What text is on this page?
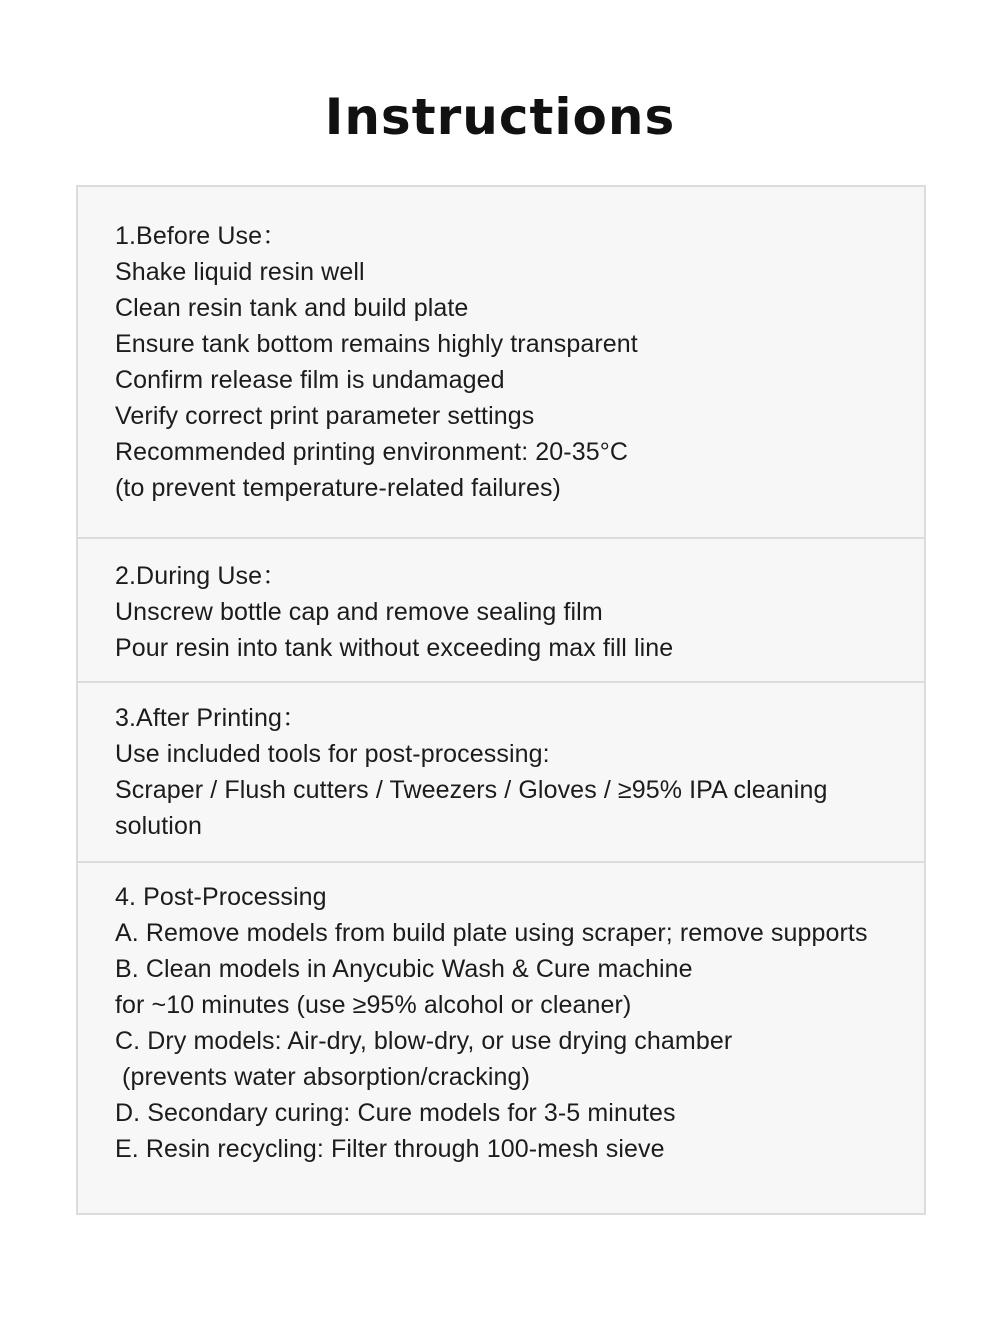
Instructions
1.Before Use：
Shake liquid resin well
Clean resin tank and build plate
Ensure tank bottom remains highly transparent
Confirm release film is undamaged
Verify correct print parameter settings
Recommended printing environment: 20-35°C
(to prevent temperature-related failures)
2.During Use：
Unscrew bottle cap and remove sealing film
Pour resin into tank without exceeding max fill line
3.After Printing：
Use included tools for post-processing:
Scraper / Flush cutters / Tweezers / Gloves / ≥95% IPA cleaning
solution
4. Post-Processing
A. Remove models from build plate using scraper; remove supports
B. Clean models in Anycubic Wash & Cure machine
for ~10 minutes (use ≥95% alcohol or cleaner)
C. Dry models: Air-dry, blow-dry, or use drying chamber
(prevents water absorption/cracking)
D. Secondary curing: Cure models for 3-5 minutes
E. Resin recycling: Filter through 100-mesh sieve
